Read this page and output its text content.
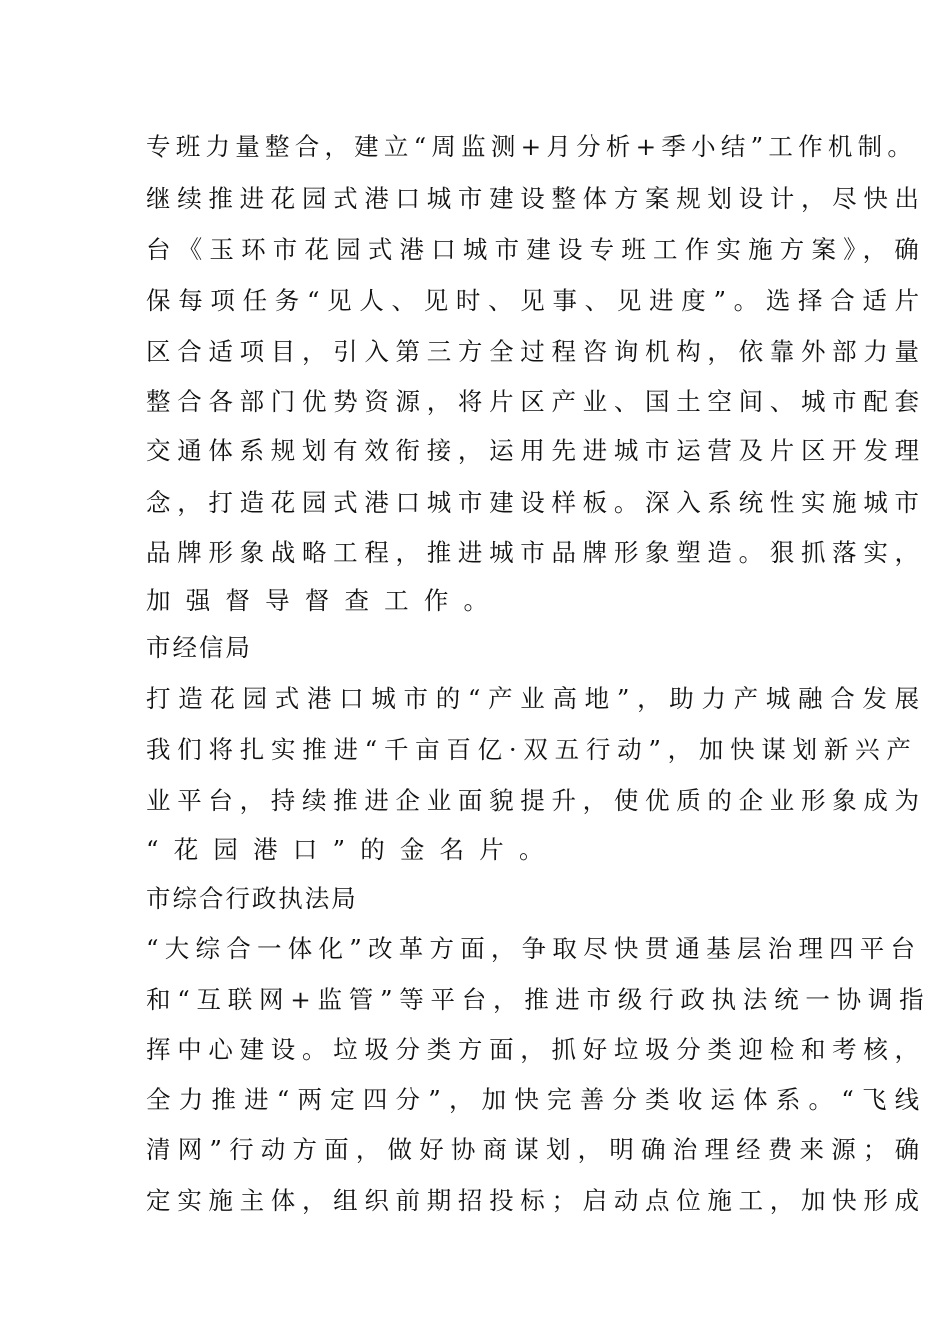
专班力量整合，建立“周监测+月分析+季小结”工作机制。
继续推进花园式港口城市建设整体方案规划设计，尽快出
台《玉环市花园式港口城市建设专班工作实施方案》，确
保每项任务“见人、见时、见事、见进度”。选择合适片
区合适项目，引入第三方全过程咨询机构，依靠外部力量
整合各部门优势资源，将片区产业、国土空间、城市配套
交通体系规划有效衔接，运用先进城市运营及片区开发理
念，打造花园式港口城市建设样板。深入系统性实施城市
品牌形象战略工程，推进城市品牌形象塑造。狠抓落实，
加强督导督查工作。
市经信局
打造花园式港口城市的“产业高地”，助力产城融合发展
我们将扎实推进“千亩百亿·双五行动”，加快谋划新兴产
业平台，持续推进企业面貌提升，使优质的企业形象成为
“花园港口”的金名片。
市综合行政执法局
“大综合一体化”改革方面，争取尽快贯通基层治理四平台
和“互联网+监管”等平台，推进市级行政执法统一协调指
挥中心建设。垃圾分类方面，抓好垃圾分类迎检和考核，
全力推进“两定四分”，加快完善分类收运体系。“飞线
清网”行动方面，做好协商谋划，明确治理经费来源；确
定实施主体，组织前期招投标；启动点位施工，加快形成
